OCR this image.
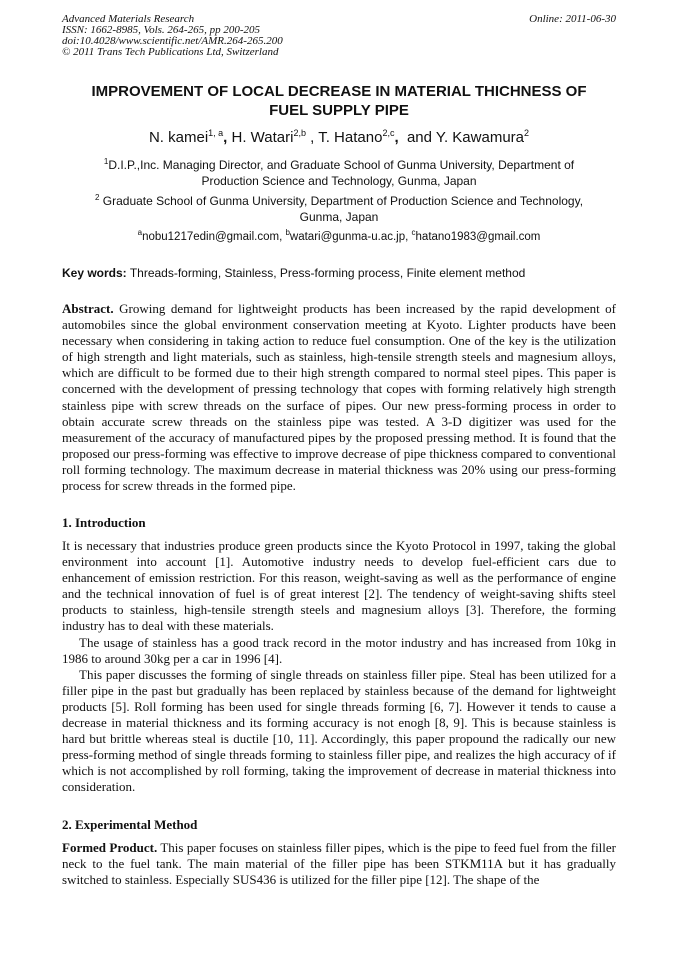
Advanced Materials Research
ISSN: 1662-8985, Vols. 264-265, pp 200-205
doi:10.4028/www.scientific.net/AMR.264-265.200
© 2011 Trans Tech Publications Ltd, Switzerland
Online: 2011-06-30
IMPROVEMENT OF LOCAL DECREASE IN MATERIAL THICHNESS OF
FUEL SUPPLY PIPE
N. kamei$^{1, a}$, H. Watari$^{2,b}$ , T. Hatano$^{2,c}$,  and Y. Kawamura$^2$
$^1$D.I.P.,Inc. Managing Director, and Graduate School of Gunma University, Department of
Production Science and Technology, Gunma, Japan
$^2$ Graduate School of Gunma University, Department of Production Science and Technology,
Gunma, Japan
$^a$nobu1217edin@gmail.com, $^b$watari@gunma-u.ac.jp, $^c$hatano1983@gmail.com
Key words: Threads-forming, Stainless, Press-forming process, Finite element method
Abstract. Growing demand for lightweight products has been increased by the rapid development of automobiles since the global environment conservation meeting at Kyoto. Lighter products have been necessary when considering in taking action to reduce fuel consumption. One of the key is the utilization of high strength and light materials, such as stainless, high-tensile strength steels and magnesium alloys, which are difficult to be formed due to their high strength compared to normal steel pipes. This paper is concerned with the development of pressing technology that copes with forming relatively high strength stainless pipe with screw threads on the surface of pipes. Our new press-forming process in order to obtain accurate screw threads on the stainless pipe was tested. A 3-D digitizer was used for the measurement of the accuracy of manufactured pipes by the proposed pressing method. It is found that the proposed our press-forming was effective to improve decrease of pipe thickness compared to conventional roll forming technology. The maximum decrease in material thickness was 20% using our press-forming process for screw threads in the formed pipe.
1. Introduction
It is necessary that industries produce green products since the Kyoto Protocol in 1997, taking the global environment into account [1]. Automotive industry needs to develop fuel-efficient cars due to enhancement of emission restriction. For this reason, weight-saving as well as the performance of engine and the technical innovation of fuel is of great interest [2]. The tendency of weight-saving shifts steel products to stainless, high-tensile strength steels and magnesium alloys [3]. Therefore, the forming industry has to deal with these materials.
The usage of stainless has a good track record in the motor industry and has increased from 10kg in 1986 to around 30kg per a car in 1996 [4].
This paper discusses the forming of single threads on stainless filler pipe. Steal has been utilized for a filler pipe in the past but gradually has been replaced by stainless because of the demand for lightweight products [5]. Roll forming has been used for single threads forming [6, 7]. However it tends to cause a decrease in material thickness and its forming accuracy is not enogh [8, 9]. This is because stainless is hard but brittle whereas steal is ductile [10, 11]. Accordingly, this paper propound the radically our new press-forming method of single threads forming to stainless filler pipe, and realizes the high accuracy of if which is not accomplished by roll forming, taking the improvement of decrease in material thickness into consideration.
2. Experimental Method
Formed Product. This paper focuses on stainless filler pipes, which is the pipe to feed fuel from the filler neck to the fuel tank. The main material of the filler pipe has been STKM11A but it has gradually switched to stainless. Especially SUS436 is utilized for the filler pipe [12]. The shape of the
